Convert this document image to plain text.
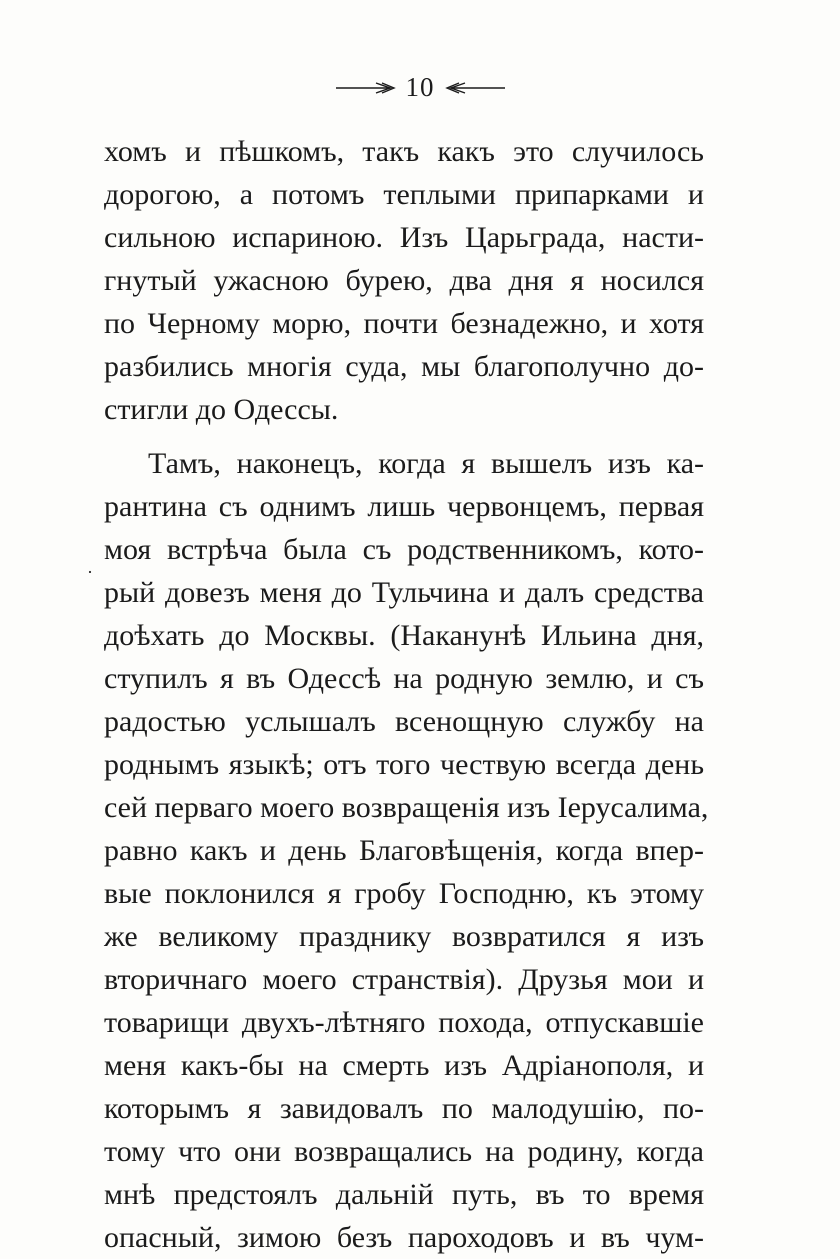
10
·
хомъ и пѣшкомъ, такъ какъ это случилось
дорогою, а потомъ теплыми припарками и
сильною испариною. Изъ Царьграда, насти-
гнутый ужасною бурею, два дня я носился
по Черному морю, почти безнадежно, и хотя
разбились многія суда, мы благополучно до-
стигли до Одессы.
Тамъ, наконецъ, когда я вышелъ изъ ка-
рантина съ однимъ лишь червонцемъ, первая
моя встрѣча была съ родственникомъ, кото-
рый довезъ меня до Тульчина и далъ средства
доѣхать до Москвы. (Наканунѣ Ильина дня,
ступилъ я въ Одессѣ на родную землю, и съ
радостью услышалъ всенощную службу на
роднымъ языкѣ; отъ того чествую всегда день
сей перваго моего возвращенія изъ Іерусалима,
равно какъ и день Благовѣщенія, когда впер-
вые поклонился я гробу Господню, къ этому
же великому празднику возвратился я изъ
вторичнаго моего странствія). Друзья мои и
товарищи двухъ-лѣтняго похода, отпускавшіе
меня какъ-бы на смерть изъ Адріанополя, и
которымъ я завидовалъ по малодушію, по-
тому что они возвращались на родину, когда
мнѣ предстоялъ дальній путь, въ то время
опасный, зимою безъ пароходовъ и въ чум-
